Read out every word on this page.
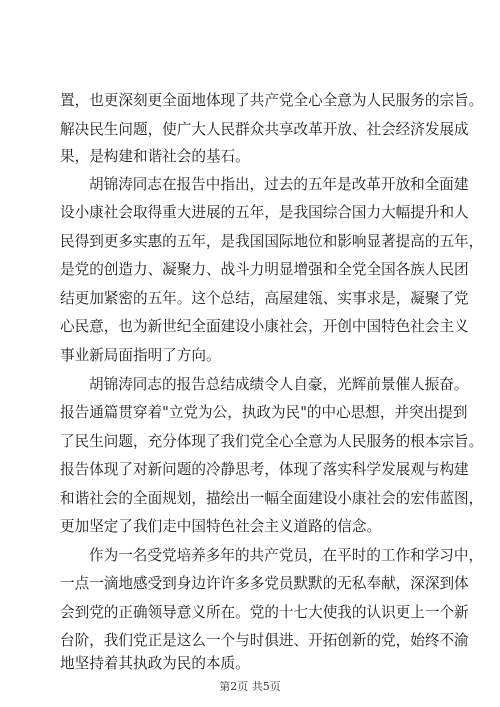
置，也更深刻更全面地体现了共产党全心全意为人民服务的宗旨。
解决民生问题，使广大人民群众共享改革开放、社会经济发展成
果，是构建和谐社会的基石。
胡锦涛同志在报告中指出，过去的五年是改革开放和全面建
设小康社会取得重大进展的五年，是我国综合国力大幅提升和人
民得到更多实惠的五年，是我国国际地位和影响显著提高的五年，
是党的创造力、凝聚力、战斗力明显增强和全党全国各族人民团
结更加紧密的五年。这个总结，高屋建瓴、实事求是，凝聚了党
心民意，也为新世纪全面建设小康社会，开创中国特色社会主义
事业新局面指明了方向。
胡锦涛同志的报告总结成绩令人自豪，光辉前景催人振奋。
报告通篇贯穿着"立党为公，执政为民"的中心思想，并突出提到
了民生问题，充分体现了我们党全心全意为人民服务的根本宗旨。
报告体现了对新问题的冷静思考，体现了落实科学发展观与构建
和谐社会的全面规划，描绘出一幅全面建设小康社会的宏伟蓝图，
更加坚定了我们走中国特色社会主义道路的信念。
作为一名受党培养多年的共产党员，在平时的工作和学习中，
一点一滴地感受到身边许许多多党员默默的无私奉献，深深到体
会到党的正确领导意义所在。党的十七大使我的认识更上一个新
台阶，我们党正是这么一个与时俱进、开拓创新的党，始终不渝
地坚持着其执政为民的本质。
第2页 共5页
